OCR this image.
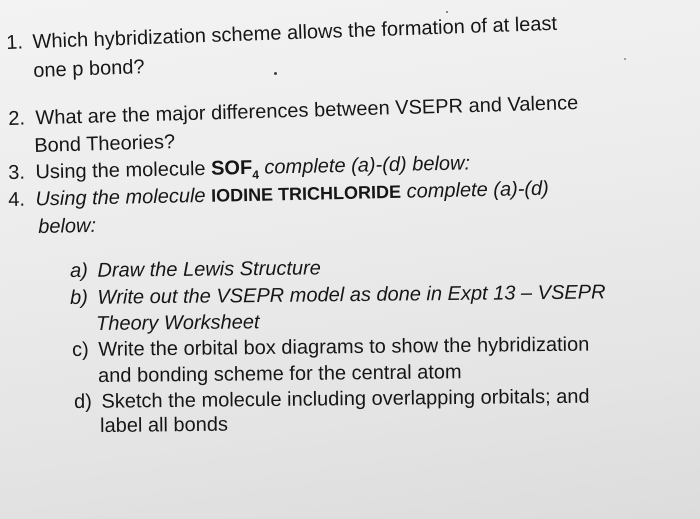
1. Which hybridization scheme allows the formation of at least
one p bond?
2. What are the major differences between VSEPR and Valence
Bond Theories?
3. Using the molecule $SOF_4$ complete (a)-(d) below:
4. Using the molecule IODINE TRICHLORIDE complete (a)-(d)
below:
a) Draw the Lewis Structure
b) Write out the VSEPR model as done in Expt 13 – VSEPR
Theory Worksheet
c) Write the orbital box diagrams to show the hybridization
and bonding scheme for the central atom
d) Sketch the molecule including overlapping orbitals; and
label all bonds
